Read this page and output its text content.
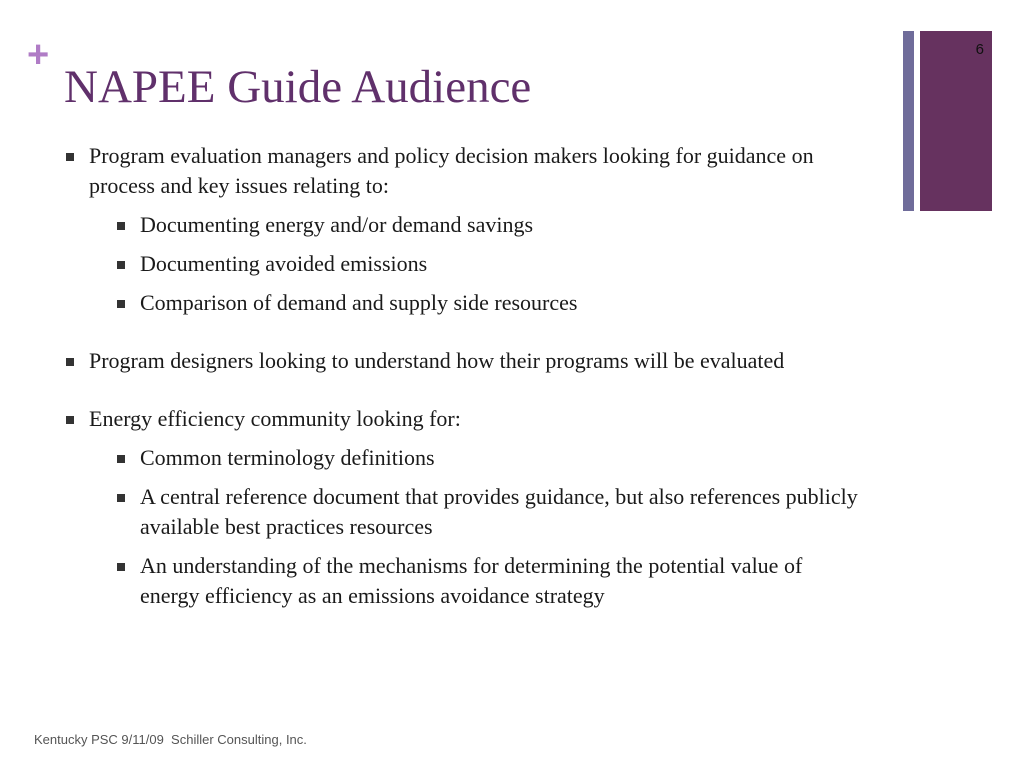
+
NAPEE Guide Audience
6

Program evaluation managers and policy decision makers looking for guidance on process and key issues relating to:

Documenting energy and/or demand savings
Documenting avoided emissions
Comparison of demand and supply side resources

Program designers looking to understand how their programs will be evaluated

Energy efficiency community looking for:

Common terminology definitions
A central reference document that provides guidance, but also references publicly available best practices resources
An understanding of the mechanisms for determining the potential value of energy efficiency as an emissions avoidance strategy
Kentucky PSC 9/11/09  Schiller Consulting, Inc.
